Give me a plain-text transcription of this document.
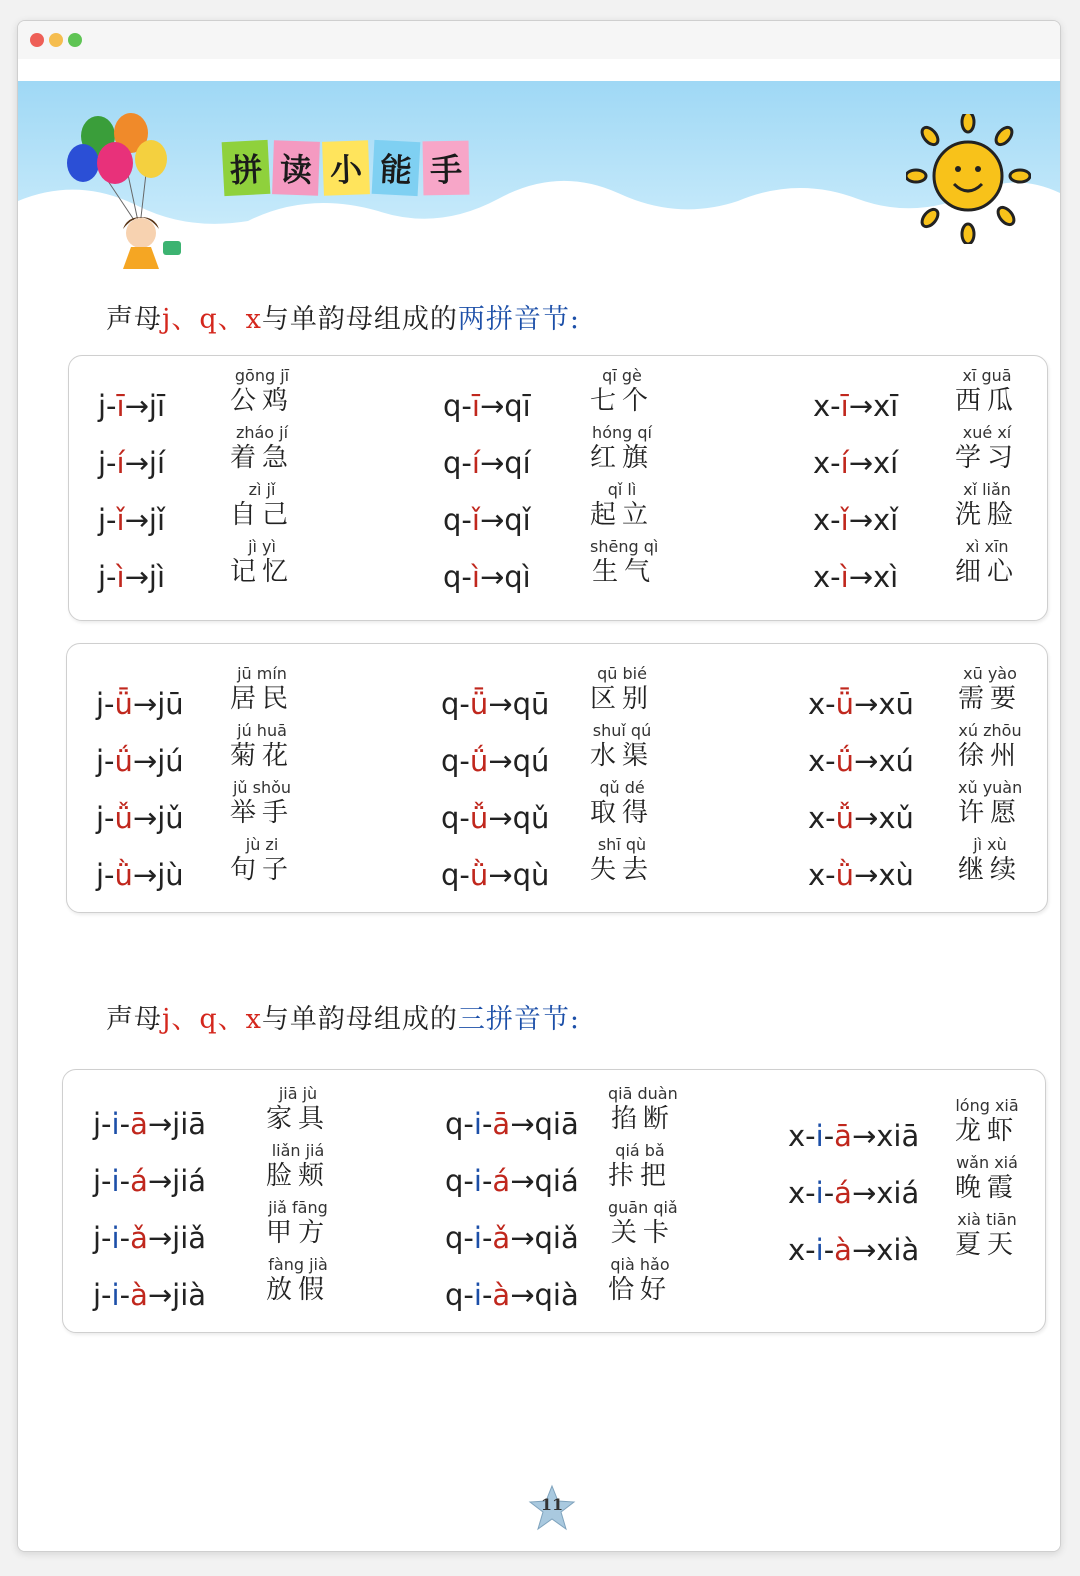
拼 读 小 能 手
声母j、q、x与单韵母组成的两拼音节:
声母j、q、x与单韵母组成的三拼音节:
11
j-ī→jī
gōng jī
公鸡
j-í→jí
zháo jí
着急
j-ǐ→jǐ
zì jǐ
自己
j-ì→jì
jì yì
记忆
q-ī→qī
qī gè
七个
q-í→qí
hóng qí
红旗
q-ǐ→qǐ
qǐ lì
起立
q-ì→qì
shēng qì
生气
x-ī→xī
xī guā
西瓜
x-í→xí
xué xí
学习
x-ǐ→xǐ
xǐ liǎn
洗脸
x-ì→xì
xì xīn
细心
j-ǖ→jū
jū mín
居民
j-ǘ→jú
jú huā
菊花
j-ǚ→jǔ
jǔ shǒu
举手
j-ǜ→jù
jù zi
句子
q-ǖ→qū
qū bié
区别
q-ǘ→qú
shuǐ qú
水渠
q-ǚ→qǔ
qǔ dé
取得
q-ǜ→qù
shī qù
失去
x-ǖ→xū
xū yào
需要
x-ǘ→xú
xú zhōu
徐州
x-ǚ→xǔ
xǔ yuàn
许愿
x-ǜ→xù
jì xù
继续
j-i-ā→jiā
jiā jù
家具
j-i-á→jiá
liǎn jiá
脸颊
j-i-ǎ→jiǎ
jiǎ fāng
甲方
j-i-à→jià
fàng jià
放假
q-i-ā→qiā
qiā duàn
掐断
q-i-á→qiá
qiá bǎ
拤把
q-i-ǎ→qiǎ
guān qiǎ
关卡
q-i-à→qià
qià hǎo
恰好
x-i-ā→xiā
lóng xiā
龙虾
x-i-á→xiá
wǎn xiá
晚霞
x-i-à→xià
xià tiān
夏天
